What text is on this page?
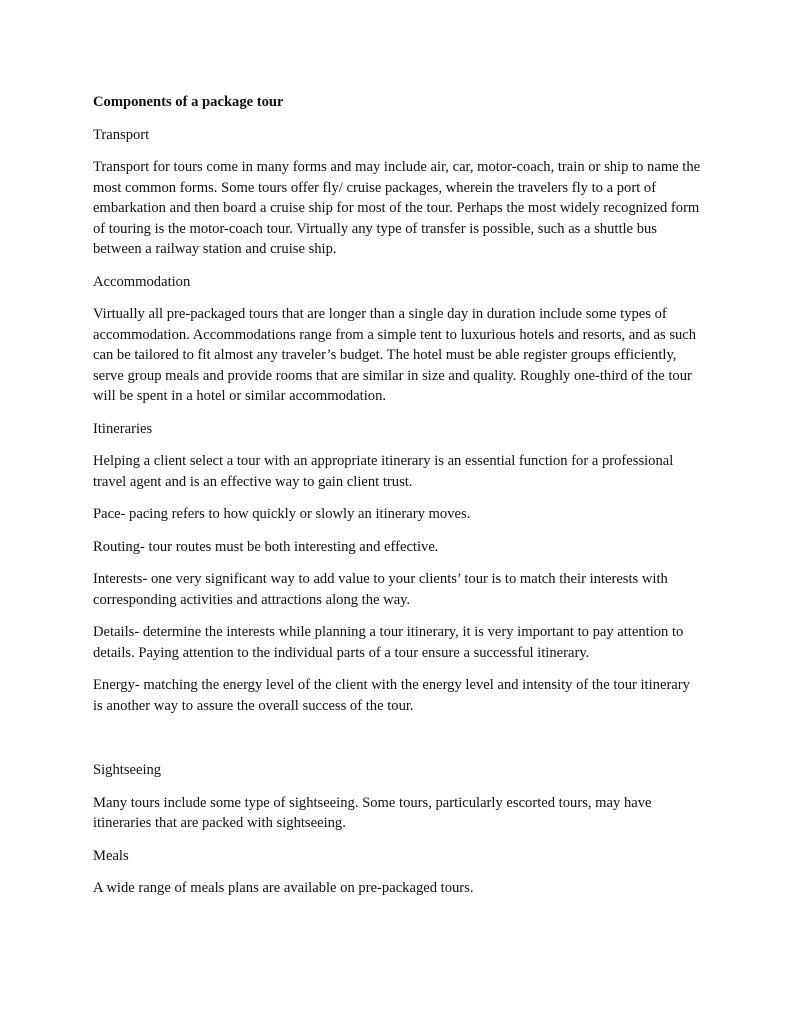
Components of a package tour

Transport

Transport for tours come in many forms and may include air, car, motor-coach, train or ship to name the most common forms. Some tours offer fly/ cruise packages, wherein the travelers fly to a port of embarkation and then board a cruise ship for most of the tour. Perhaps the most widely recognized form of touring is the motor-coach tour. Virtually any type of transfer is possible, such as a shuttle bus between a railway station and cruise ship.

Accommodation

Virtually all pre-packaged tours that are longer than a single day in duration include some types of accommodation. Accommodations range from a simple tent to luxurious hotels and resorts, and as such can be tailored to fit almost any traveler’s budget. The hotel must be able register groups efficiently, serve group meals and provide rooms that are similar in size and quality. Roughly one-third of the tour will be spent in a hotel or similar accommodation.

Itineraries

Helping a client select a tour with an appropriate itinerary is an essential function for a professional travel agent and is an effective way to gain client trust.

Pace- pacing refers to how quickly or slowly an itinerary moves.

Routing- tour routes must be both interesting and effective.

Interests- one very significant way to add value to your clients’ tour is to match their interests with corresponding activities and attractions along the way.

Details- determine the interests while planning a tour itinerary, it is very important to pay attention to details. Paying attention to the individual parts of a tour ensure a successful itinerary.

Energy- matching the energy level of the client with the energy level and intensity of the tour itinerary is another way to assure the overall success of the tour.

Sightseeing

Many tours include some type of sightseeing. Some tours, particularly escorted tours, may have itineraries that are packed with sightseeing.

Meals

A wide range of meals plans are available on pre-packaged tours.
